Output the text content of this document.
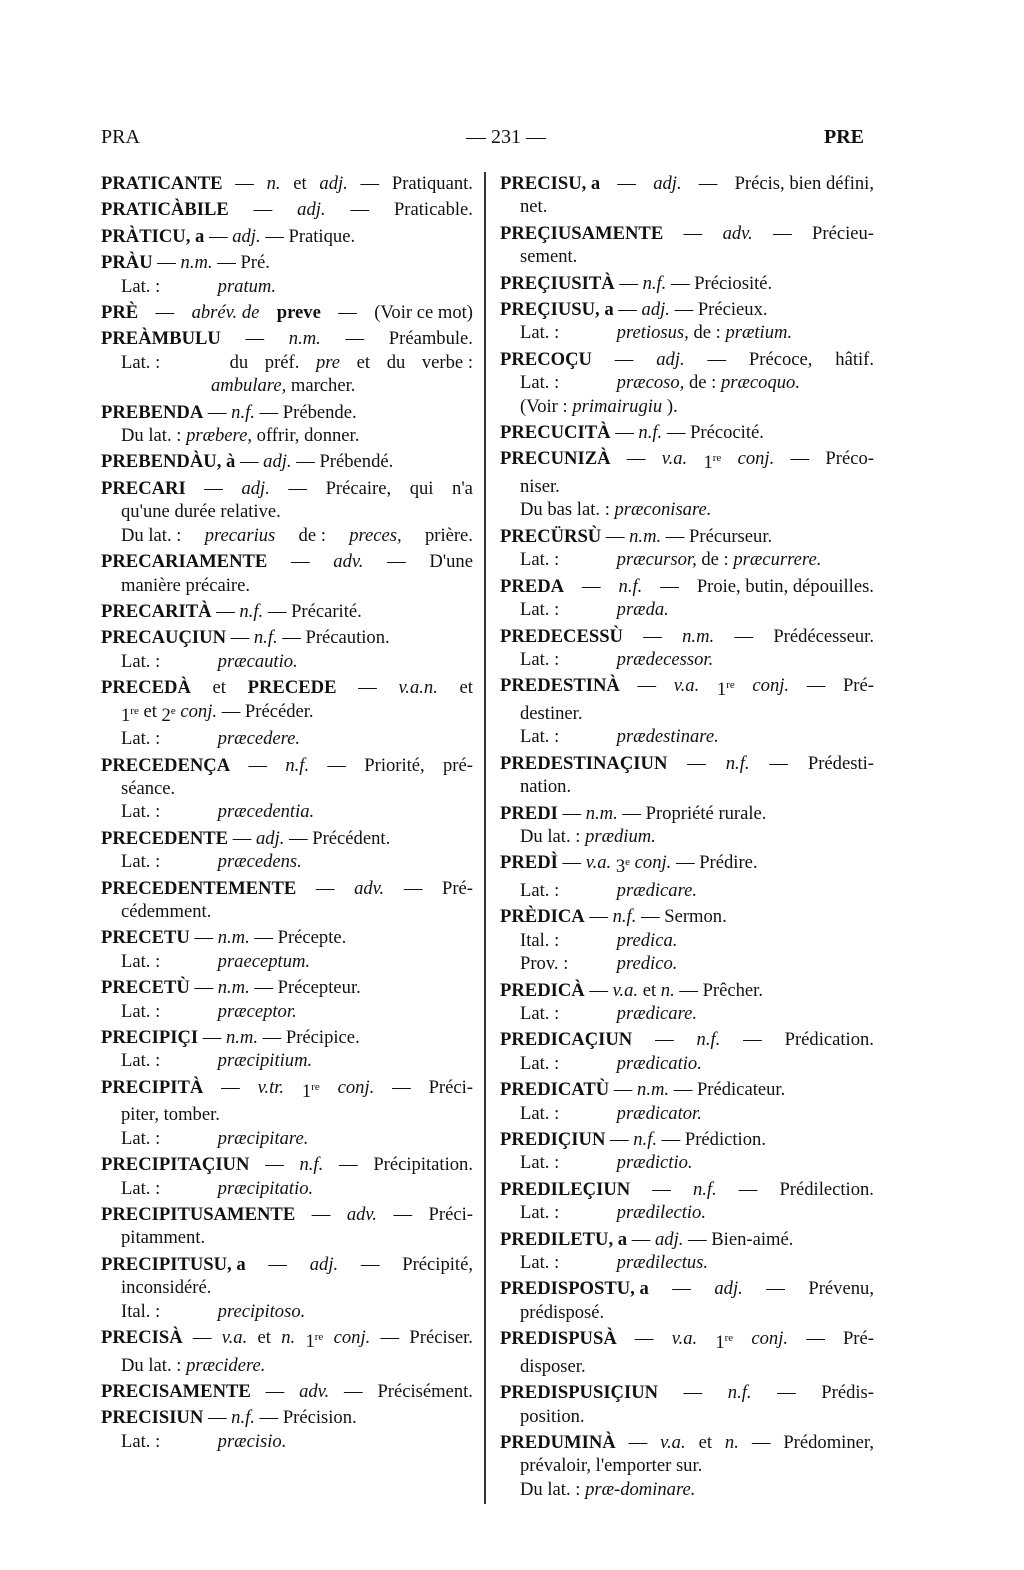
PRA	— 231 —	PRE
PRATICANTE — n. et adj. — Pratiquant.
PRATICÀBILE — adj. — Praticable.
PRÀTICU, a — adj. — Pratique.
PRÀU — n.m. — Pré.
Lat. :	pratum.
PRÈ — abrév. de preve — (Voir ce mot)
PREÀMBULU — n.m. — Préambule.
Lat. :	du préf. pre et du verbe :
ambulare, marcher.
PREBENDA — n.f. — Prébende.
Du lat. : præbere, offrir, donner.
PREBENDÀU, à — adj. — Prébendé.
PRECARI — adj. — Précaire, qui n'a
qu'une durée relative.
Du lat. : precarius de : preces, prière.
PRECARIAMENTE — adv. — D'une
manière précaire.
PRECARITÀ — n.f. — Précarité.
PRECAUÇIUN — n.f. — Précaution.
Lat. :	præcautio.
PRECEDÀ et PRECEDE — v.a.n. et
1re et 2e conj. — Précéder.
Lat. :	præcedere.
PRECEDENÇA — n.f. — Priorité, pré-
séance.
Lat. :	præcedentia.
PRECEDENTE — adj. — Précédent.
Lat. :	præcedens.
PRECEDENTEMENTE — adv. — Pré-
cédemment.
PRECETU — n.m. — Précepte.
Lat. :	praeceptum.
PRECETÙ — n.m. — Précepteur.
Lat. :	præceptor.
PRECIPIÇI — n.m. — Précipice.
Lat. :	præcipitium.
PRECIPITÀ — v.tr. 1re conj. — Préci-
piter, tomber.
Lat. :	præcipitare.
PRECIPITAÇIUN — n.f. — Précipitation.
Lat. :	præcipitatio.
PRECIPITUSAMENTE — adv. — Préci-
pitamment.
PRECIPITUSU, a — adj. — Précipité,
inconsidéré.
Ital. :	precipitoso.
PRECISÀ — v.a. et n. 1re conj. — Préciser.
Du lat. : præcidere.
PRECISAMENTE — adv. — Précisément.
PRECISIUN — n.f. — Précision.
Lat. :	præcisio.
PRECISU, a — adj. — Précis, bien défini,
net.
PREÇIUSAMENTE — adv. — Précieu-
sement.
PREÇIUSITÀ — n.f. — Préciosité.
PREÇIUSU, a — adj. — Précieux.
Lat. :	pretiosus, de : prætium.
PRECOÇU — adj. — Précoce, hâtif.
Lat. :	præcoso, de : præcoquo.
(Voir : primairugiu ).
PRECUCITÀ — n.f. — Précocité.
PRECUNIZÀ — v.a. 1re conj. — Préco-
niser.
Du bas lat. : præconisare.
PRECÜRSÙ — n.m. — Précurseur.
Lat. :	præcursor, de : præcurrere.
PREDA — n.f. — Proie, butin, dépouilles.
Lat. :	præda.
PREDECESSÙ — n.m. — Prédécesseur.
Lat. :	prædecessor.
PREDESTINÀ — v.a. 1re conj. — Pré-
destiner.
Lat. :	prædestinare.
PREDESTINAÇIUN — n.f. — Prédesti-
nation.
PREDI — n.m. — Propriété rurale.
Du lat. : prædium.
PREDÌ — v.a. 3e conj. — Prédire.
Lat. :	prædicare.
PRÈDICA — n.f. — Sermon.
Ital. :	predica.
Prov. :	predico.
PREDICÀ — v.a. et n. — Prêcher.
Lat. :	prædicare.
PREDICAÇIUN — n.f. — Prédication.
Lat. :	prædicatio.
PREDICATÙ — n.m. — Prédicateur.
Lat. :	prædicator.
PREDIÇIUN — n.f. — Prédiction.
Lat. :	prædictio.
PREDILEÇIUN — n.f. — Prédilection.
Lat. :	prædilectio.
PREDILETU, a — adj. — Bien-aimé.
Lat. :	prædilectus.
PREDISPOSTU, a — adj. — Prévenu,
prédisposé.
PREDISPUSÀ — v.a. 1re conj. — Pré-
disposer.
PREDISPUSIÇIUN — n.f. — Prédis-
position.
PREDUMINÀ — v.a. et n. — Prédominer,
prévaloir, l'emporter sur.
Du lat. : præ-dominare.
